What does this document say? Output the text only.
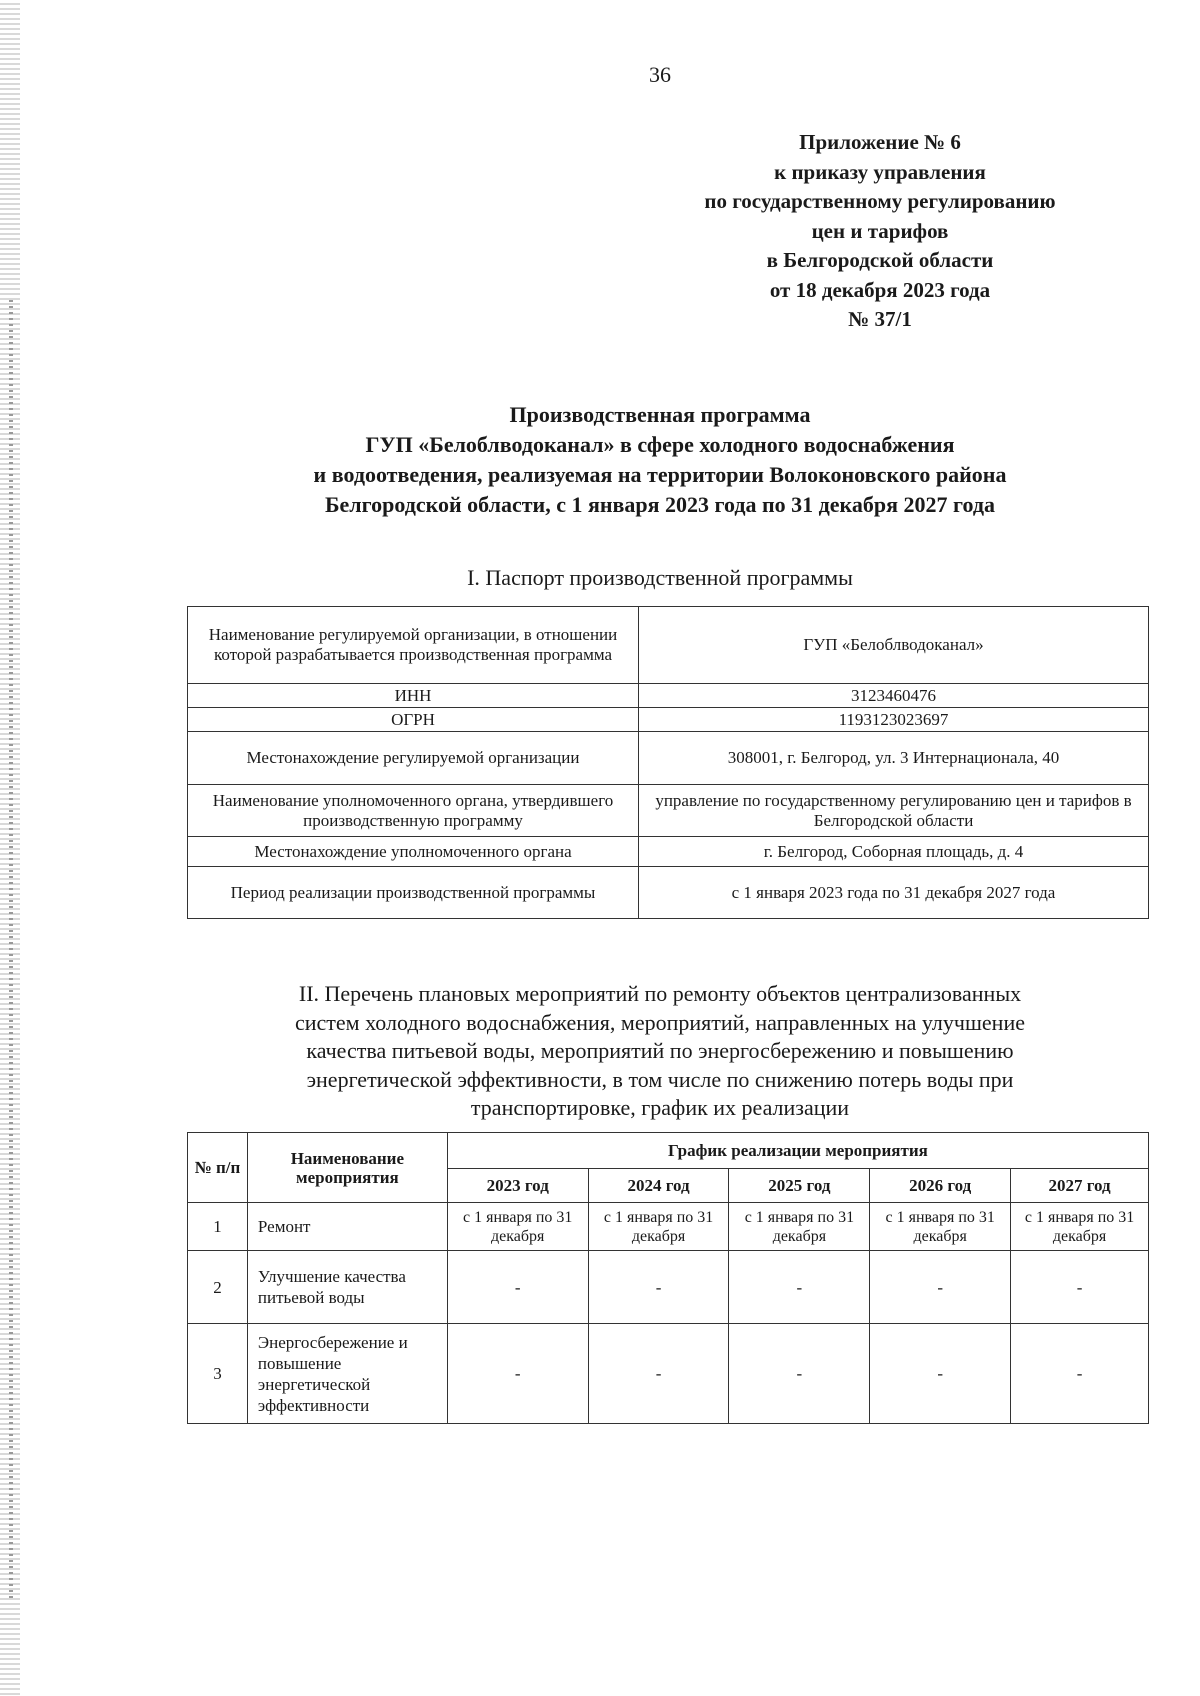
36
Приложение № 6
к приказу управления
по государственному регулированию
цен и тарифов
в Белгородской области
от 18 декабря 2023 года
№ 37/1
Производственная программа
ГУП «Белоблводоканал» в сфере холодного водоснабжения
и водоотведения, реализуемая на территории Волоконовского района
Белгородской области, с 1 января 2023 года по 31 декабря 2027 года
I. Паспорт производственной программы
Наименование регулируемой организации, в отношении которой разрабатывается производственная программа	ГУП «Белоблводоканал»
ИНН	3123460476
ОГРН	1193123023697
Местонахождение регулируемой организации	308001, г. Белгород, ул. 3 Интернационала, 40
Наименование уполномоченного органа, утвердившего производственную программу	управление по государственному регулированию цен и тарифов в Белгородской области
Местонахождение уполномоченного органа	г. Белгород, Соборная площадь, д. 4
Период реализации производственной программы	с 1 января 2023 года по 31 декабря 2027 года
II. Перечень плановых мероприятий по ремонту объектов централизованных
систем холодного водоснабжения, мероприятий, направленных на улучшение
качества питьевой воды, мероприятий по энергосбережению и повышению
энергетической эффективности, в том числе по снижению потерь воды при
транспортировке, график их реализации
№ п/п	Наименование мероприятия	График реализации мероприятия				
		2023 год	2024 год	2025 год	2026 год	2027 год
1	Ремонт	с 1 января по 31 декабря	с 1 января по 31 декабря	с 1 января по 31 декабря	с 1 января по 31 декабря	с 1 января по 31 декабря
2	Улучшение качества питьевой воды	-	-	-	-	-
3	Энергосбережение и повышение энергетической эффективности	-	-	-	-	-
